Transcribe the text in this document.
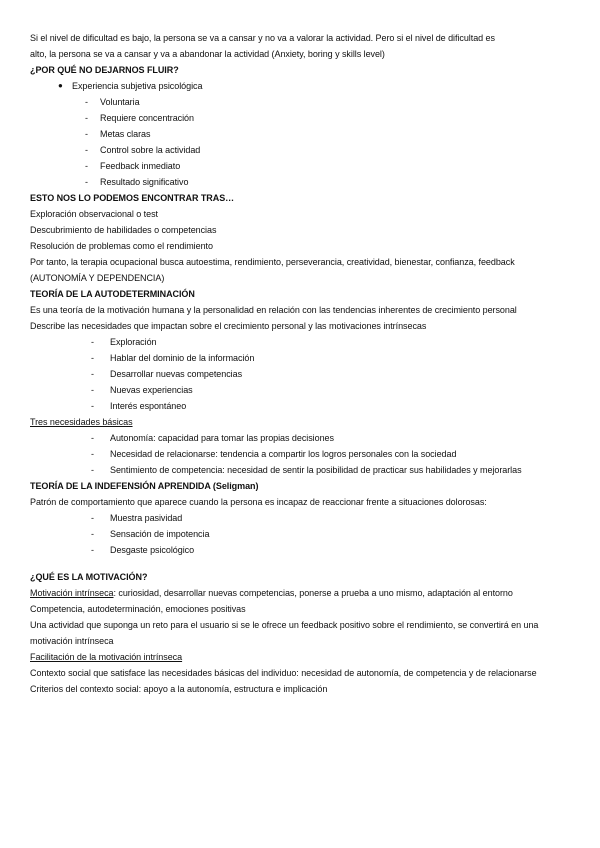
Si el nivel de dificultad es bajo, la persona se va a cansar y no va a valorar la actividad. Pero si el nivel de dificultad es
alto, la persona se va a cansar y va a abandonar la actividad (Anxiety, boring y skills level)
¿POR QUÉ NO DEJARNOS FLUIR?
● Experiencia subjetiva psicológica
- Voluntaria
- Requiere concentración
- Metas claras
- Control sobre la actividad
- Feedback inmediato
- Resultado significativo
ESTO NOS LO PODEMOS ENCONTRAR TRAS…
Exploración observacional o test
Descubrimiento de habilidades o competencias
Resolución de problemas como el rendimiento
Por tanto, la terapia ocupacional busca autoestima, rendimiento, perseverancia, creatividad, bienestar, confianza, feedback (AUTONOMÍA Y DEPENDENCIA)
TEORÍA DE LA AUTODETERMINACIÓN
Es una teoría de la motivación humana y la personalidad en relación con las tendencias inherentes de crecimiento personal
Describe las necesidades que impactan sobre el crecimiento personal y las motivaciones intrínsecas
- Exploración
- Hablar del dominio de la información
- Desarrollar nuevas competencias
- Nuevas experiencias
- Interés espontáneo
Tres necesidades básicas
- Autonomía: capacidad para tomar las propias decisiones
- Necesidad de relacionarse: tendencia a compartir los logros personales con la sociedad
- Sentimiento de competencia: necesidad de sentir la posibilidad de practicar sus habilidades y mejorarlas
TEORÍA DE LA INDEFENSIÓN APRENDIDA (Seligman)
Patrón de comportamiento que aparece cuando la persona es incapaz de reaccionar frente a situaciones dolorosas:
- Muestra pasividad
- Sensación de impotencia
- Desgaste psicológico
¿QUÉ ES LA MOTIVACIÓN?
Motivación intrínseca: curiosidad, desarrollar nuevas competencias, ponerse a prueba a uno mismo, adaptación al entorno
Competencia, autodeterminación, emociones positivas
Una actividad que suponga un reto para el usuario si se le ofrece un feedback positivo sobre el rendimiento, se convertirá en una motivación intrínseca
Facilitación de la motivación intrínseca
Contexto social que satisface las necesidades básicas del individuo: necesidad de autonomía, de competencia y de relacionarse
Criterios del contexto social: apoyo a la autonomía, estructura e implicación
